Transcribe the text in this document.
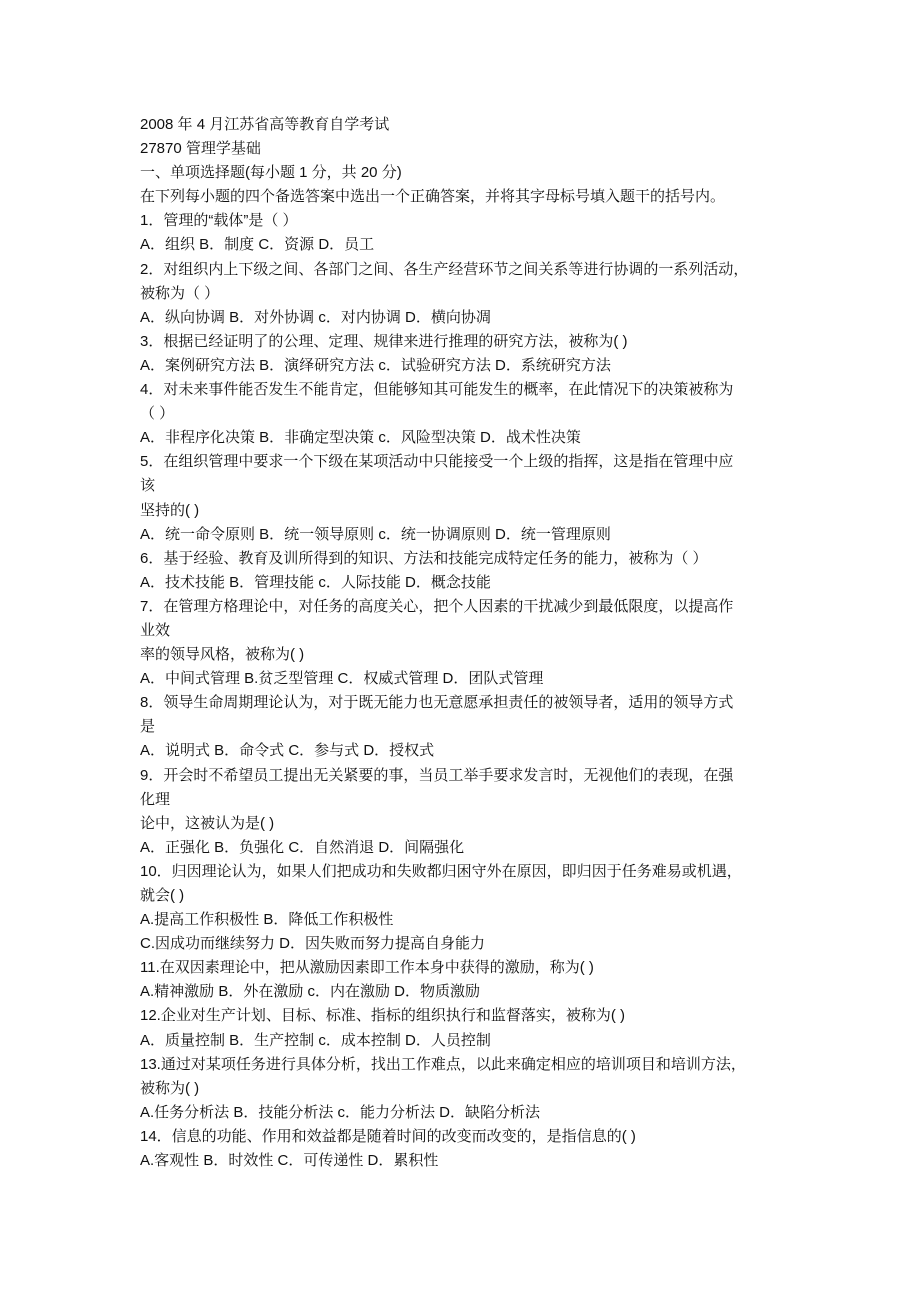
2008 年 4 月江苏省高等教育自学考试
27870 管理学基础
一、单项选择题(每小题 1 分，共 20 分)
在下列每小题的四个备选答案中选出一个正确答案，并将其字母标号填入题干的括号内。
1．管理的“载体”是（ ）
A．组织 B．制度 C．资源 D．员工
2．对组织内上下级之间、各部门之间、各生产经营环节之间关系等进行协调的一系列活动，
被称为（ ）
A．纵向协调 B．对外协调 c．对内协调 D．横向协凋
3．根据已经证明了的公理、定理、规律来进行推理的研究方法，被称为( )
A．案例研究方法 B．演绎研究方法 c．试验研究方法 D．系统研究方法
4．对未来事件能否发生不能肯定，但能够知其可能发生的概率，在此情况下的决策被称为
（ ）
A．非程序化决策 B．非确定型决策 c．风险型决策 D．战术性决策
5．在组织管理中要求一个下级在某项活动中只能接受一个上级的指挥，这是指在管理中应
该
坚持的( )
A．统一命令原则 B．统一领导原则 c．统一协调原则 D．统一管理原则
6．基于经验、教育及训所得到的知识、方法和技能完成特定任务的能力，被称为（ ）
A．技术技能 B．管理技能 c．人际技能 D．概念技能
7．在管理方格理论中，对任务的高度关心，把个人因素的干扰减少到最低限度，以提高作
业效
率的领导风格，被称为( )
A．中间式管理 B.贫乏型管理 C．权威式管理 D．团队式管理
8．领导生命周期理论认为，对于既无能力也无意愿承担责任的被领导者，适用的领导方式
是
A．说明式 B．命令式 C．参与式 D．授权式
9．开会时不希望员工提出无关紧要的事，当员工举手要求发言时，无视他们的表现，在强
化理
论中，这被认为是( )
A．正强化 B．负强化 C．自然消退 D．间隔强化
10．归因理论认为，如果人们把成功和失败都归困守外在原因，即归因于任务难易或机遇，
就会( )
A.提高工作积极性 B．降低工作积极性
C.因成功而继续努力 D．因失败而努力提高自身能力
11.在双因素理论中，把从激励因素即工作本身中获得的激励，称为( )
A.精神激励 B．外在激励 c．内在激励 D．物质激励
12.企业对生产计划、目标、标准、指标的组织执行和监督落实，被称为( )
A．质量控制 B．生产控制 c．成本控制 D．人员控制
13.通过对某项任务进行具体分析，找出工作难点，以此来确定相应的培训项目和培训方法，
被称为( )
A.任务分析法 B．技能分析法 c．能力分析法 D．缺陷分析法
14．信息的功能、作用和效益都是随着时间的改变而改变的，是指信息的( )
A.客观性 B．时效性 C．可传递性 D．累积性
